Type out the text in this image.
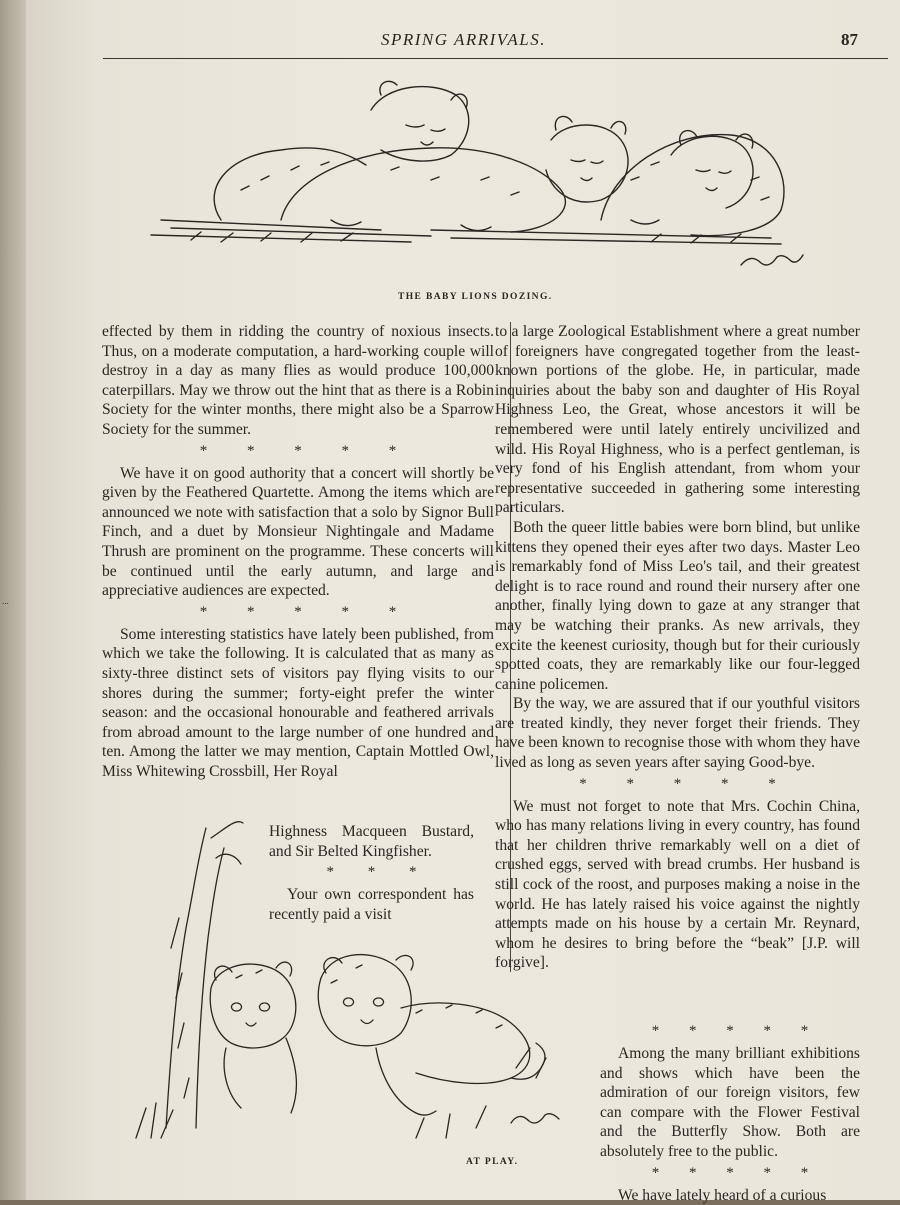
...
SPRING ARRIVALS.	87
THE BABY LIONS DOZING.

effected by them in ridding the country of noxious insects. Thus, on a moderate computation, a hard-working couple will destroy in a day as many flies as would produce 100,000 caterpillars. May we throw out the hint that as there is a Robin Society for the winter months, there might also be a Sparrow Society for the summer.

* * * * *

We have it on good authority that a concert will shortly be given by the Feathered Quartette. Among the items which are announced we note with satisfaction that a solo by Signor Bull Finch, and a duet by Monsieur Nightingale and Madame Thrush are prominent on the programme. These concerts will be continued until the early autumn, and large and appreciative audiences are expected.

* * * * *

Some interesting statistics have lately been published, from which we take the following. It is calculated that as many as sixty-three distinct sets of visitors pay flying visits to our shores during the summer; forty-eight prefer the winter season: and the occasional honourable and feathered arrivals from abroad amount to the large number of one hundred and ten. Among the latter we may mention, Captain Mottled Owl, Miss Whitewing Crossbill, Her Royal

Highness Macqueen Bustard, and Sir Belted Kingfisher.

* * *

Your own correspondent has recently paid a visit

to a large Zoological Establishment where a great number of foreigners have congregated together from the least-known portions of the globe. He, in particular, made inquiries about the baby son and daughter of His Royal Highness Leo, the Great, whose ancestors it will be remembered were until lately entirely uncivilized and wild. His Royal Highness, who is a perfect gentleman, is very fond of his English attendant, from whom your representative succeeded in gathering some interesting particulars.

Both the queer little babies were born blind, but unlike kittens they opened their eyes after two days. Master Leo is remarkably fond of Miss Leo's tail, and their greatest delight is to race round and round their nursery after one another, finally lying down to gaze at any stranger that may be watching their pranks. As new arrivals, they excite the keenest curiosity, though but for their curiously spotted coats, they are remarkably like our four-legged canine policemen.

By the way, we are assured that if our youthful visitors are treated kindly, they never forget their friends. They have been known to recognise those with whom they have lived as long as seven years after saying Good-bye.

* * * * *

We must not forget to note that Mrs. Cochin China, who has many relations living in every country, has found that her children thrive remarkably well on a diet of crushed eggs, served with bread crumbs. Her husband is still cock of the roost, and purposes making a noise in the world. He has lately raised his voice against the nightly attempts made on his house by a certain Mr. Reynard, whom he desires to bring before the “beak” [J.P. will forgive].

* * * * *

Among the many brilliant exhibitions and shows which have been the admiration of our foreign visitors, few can compare with the Flower Festival and the Butterfly Show. Both are absolutely free to the public.

* * * * *

We have lately heard of a curious

AT PLAY.
